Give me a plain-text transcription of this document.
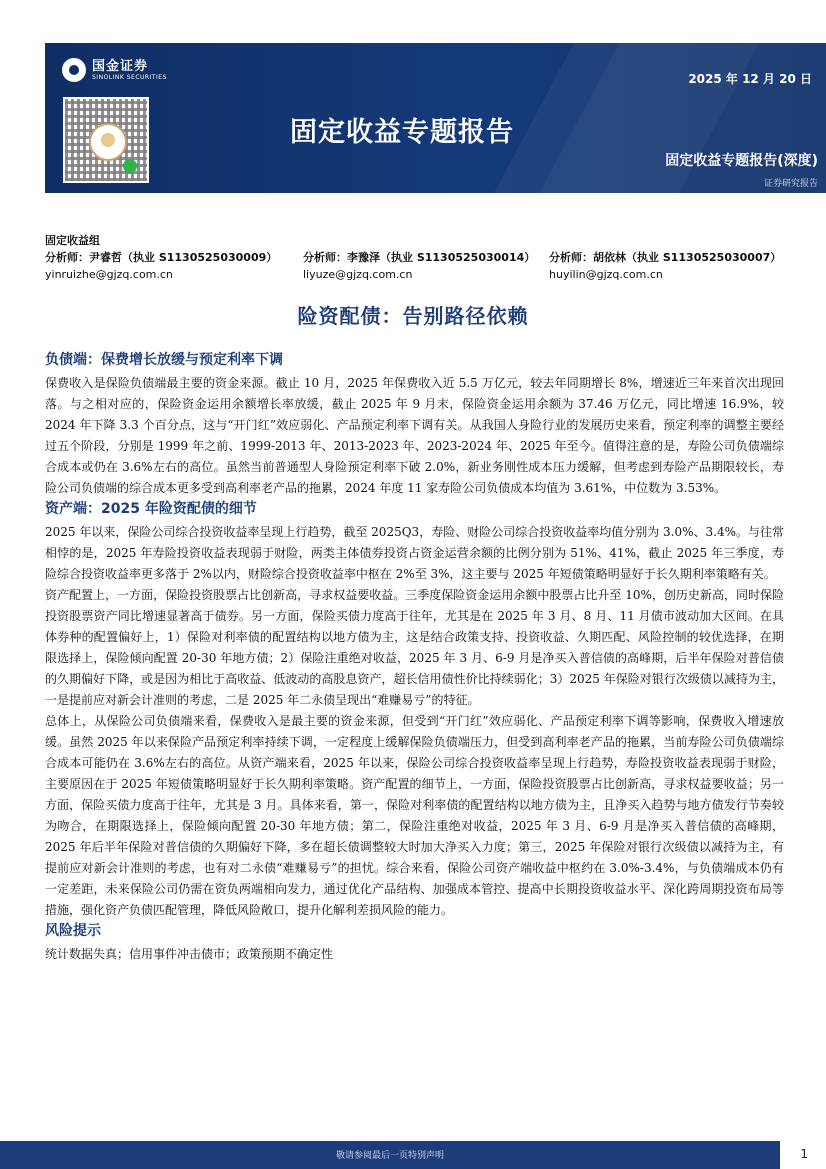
国金证券
SINOLINK SECURITIES	2025 年 12 月 20 日
固定收益专题报告
固定收益专题报告(深度)
证券研究报告
固定收益组
分析师：尹睿哲（执业 S1130525030009）	分析师：李豫泽（执业 S1130525030014）	分析师：胡依林（执业 S1130525030007）
yinruizhe@gjzq.com.cn	liyuze@gjzq.com.cn	huyilin@gjzq.com.cn
险资配债：告别路径依赖
负债端：保费增长放缓与预定利率下调

保费收入是保险负债端最主要的资金来源。截止 10 月，2025 年保费收入近 5.5 万亿元，较去年同期增长 8%，增速近三年来首次出现回落。与之相对应的，保险资金运用余额增长率放缓，截止 2025 年 9 月末，保险资金运用余额为 37.46 万亿元，同比增速 16.9%，较 2024 年下降 3.3 个百分点，这与“开门红”效应弱化、产品预定利率下调有关。从我国人身险行业的发展历史来看，预定利率的调整主要经过五个阶段，分别是 1999 年之前、1999-2013 年、2013-2023 年、2023-2024 年、2025 年至今。值得注意的是，寿险公司负债端综合成本或仍在 3.6%左右的高位。虽然当前普通型人身险预定利率下破 2.0%，新业务刚性成本压力缓解，但考虑到寿险产品期限较长，寿险公司负债端的综合成本更多受到高利率老产品的拖累，2024 年度 11 家寿险公司负债成本均值为 3.61%，中位数为 3.53%。

资产端：2025 年险资配债的细节

2025 年以来，保险公司综合投资收益率呈现上行趋势，截至 2025Q3，寿险、财险公司综合投资收益率均值分别为 3.0%、3.4%。与往常相悖的是，2025 年寿险投资收益表现弱于财险，两类主体债券投资占资金运营余额的比例分别为 51%、41%，截止 2025 年三季度，寿险综合投资收益率更多落于 2%以内，财险综合投资收益率中枢在 2%至 3%，这主要与 2025 年短债策略明显好于长久期利率策略有关。

资产配置上，一方面，保险投资股票占比创新高，寻求权益要收益。三季度保险资金运用余额中股票占比升至 10%，创历史新高，同时保险投资股票资产同比增速显著高于债券。另一方面，保险买债力度高于往年，尤其是在 2025 年 3 月、8 月、11 月债市波动加大区间。在具体券种的配置偏好上，1）保险对利率债的配置结构以地方债为主，这是结合政策支持、投资收益、久期匹配、风险控制的较优选择，在期限选择上，保险倾向配置 20-30 年地方债；2）保险注重绝对收益，2025 年 3 月、6-9 月是净买入普信债的高峰期，后半年保险对普信债的久期偏好下降，或是因为相比于高收益、低波动的高股息资产，超长信用债性价比持续弱化；3）2025 年保险对银行次级债以减持为主，一是提前应对新会计准则的考虑，二是 2025 年二永债呈现出“难赚易亏”的特征。

总体上，从保险公司负债端来看，保费收入是最主要的资金来源，但受到“开门红”效应弱化、产品预定利率下调等影响，保费收入增速放缓。虽然 2025 年以来保险产品预定利率持续下调，一定程度上缓解保险负债端压力，但受到高利率老产品的拖累，当前寿险公司负债端综合成本可能仍在 3.6%左右的高位。从资产端来看，2025 年以来，保险公司综合投资收益率呈现上行趋势，寿险投资收益表现弱于财险，主要原因在于 2025 年短债策略明显好于长久期利率策略。资产配置的细节上，一方面，保险投资股票占比创新高，寻求权益要收益；另一方面，保险买债力度高于往年，尤其是 3 月。具体来看，第一，保险对利率债的配置结构以地方债为主，且净买入趋势与地方债发行节奏较为吻合，在期限选择上，保险倾向配置 20-30 年地方债；第二，保险注重绝对收益，2025 年 3 月、6-9 月是净买入普信债的高峰期，2025 年后半年保险对普信债的久期偏好下降，多在超长债调整较大时加大净买入力度；第三，2025 年保险对银行次级债以减持为主，有提前应对新会计准则的考虑，也有对二永债“难赚易亏”的担忧。综合来看，保险公司资产端收益中枢约在 3.0%-3.4%，与负债端成本仍有一定差距，未来保险公司仍需在资负两端相向发力，通过优化产品结构、加强成本管控、提高中长期投资收益水平、深化跨周期投资布局等措施，强化资产负债匹配管理，降低风险敞口，提升化解利差损风险的能力。

风险提示

统计数据失真；信用事件冲击债市；政策预期不确定性

敬请参阅最后一页特别声明	1
